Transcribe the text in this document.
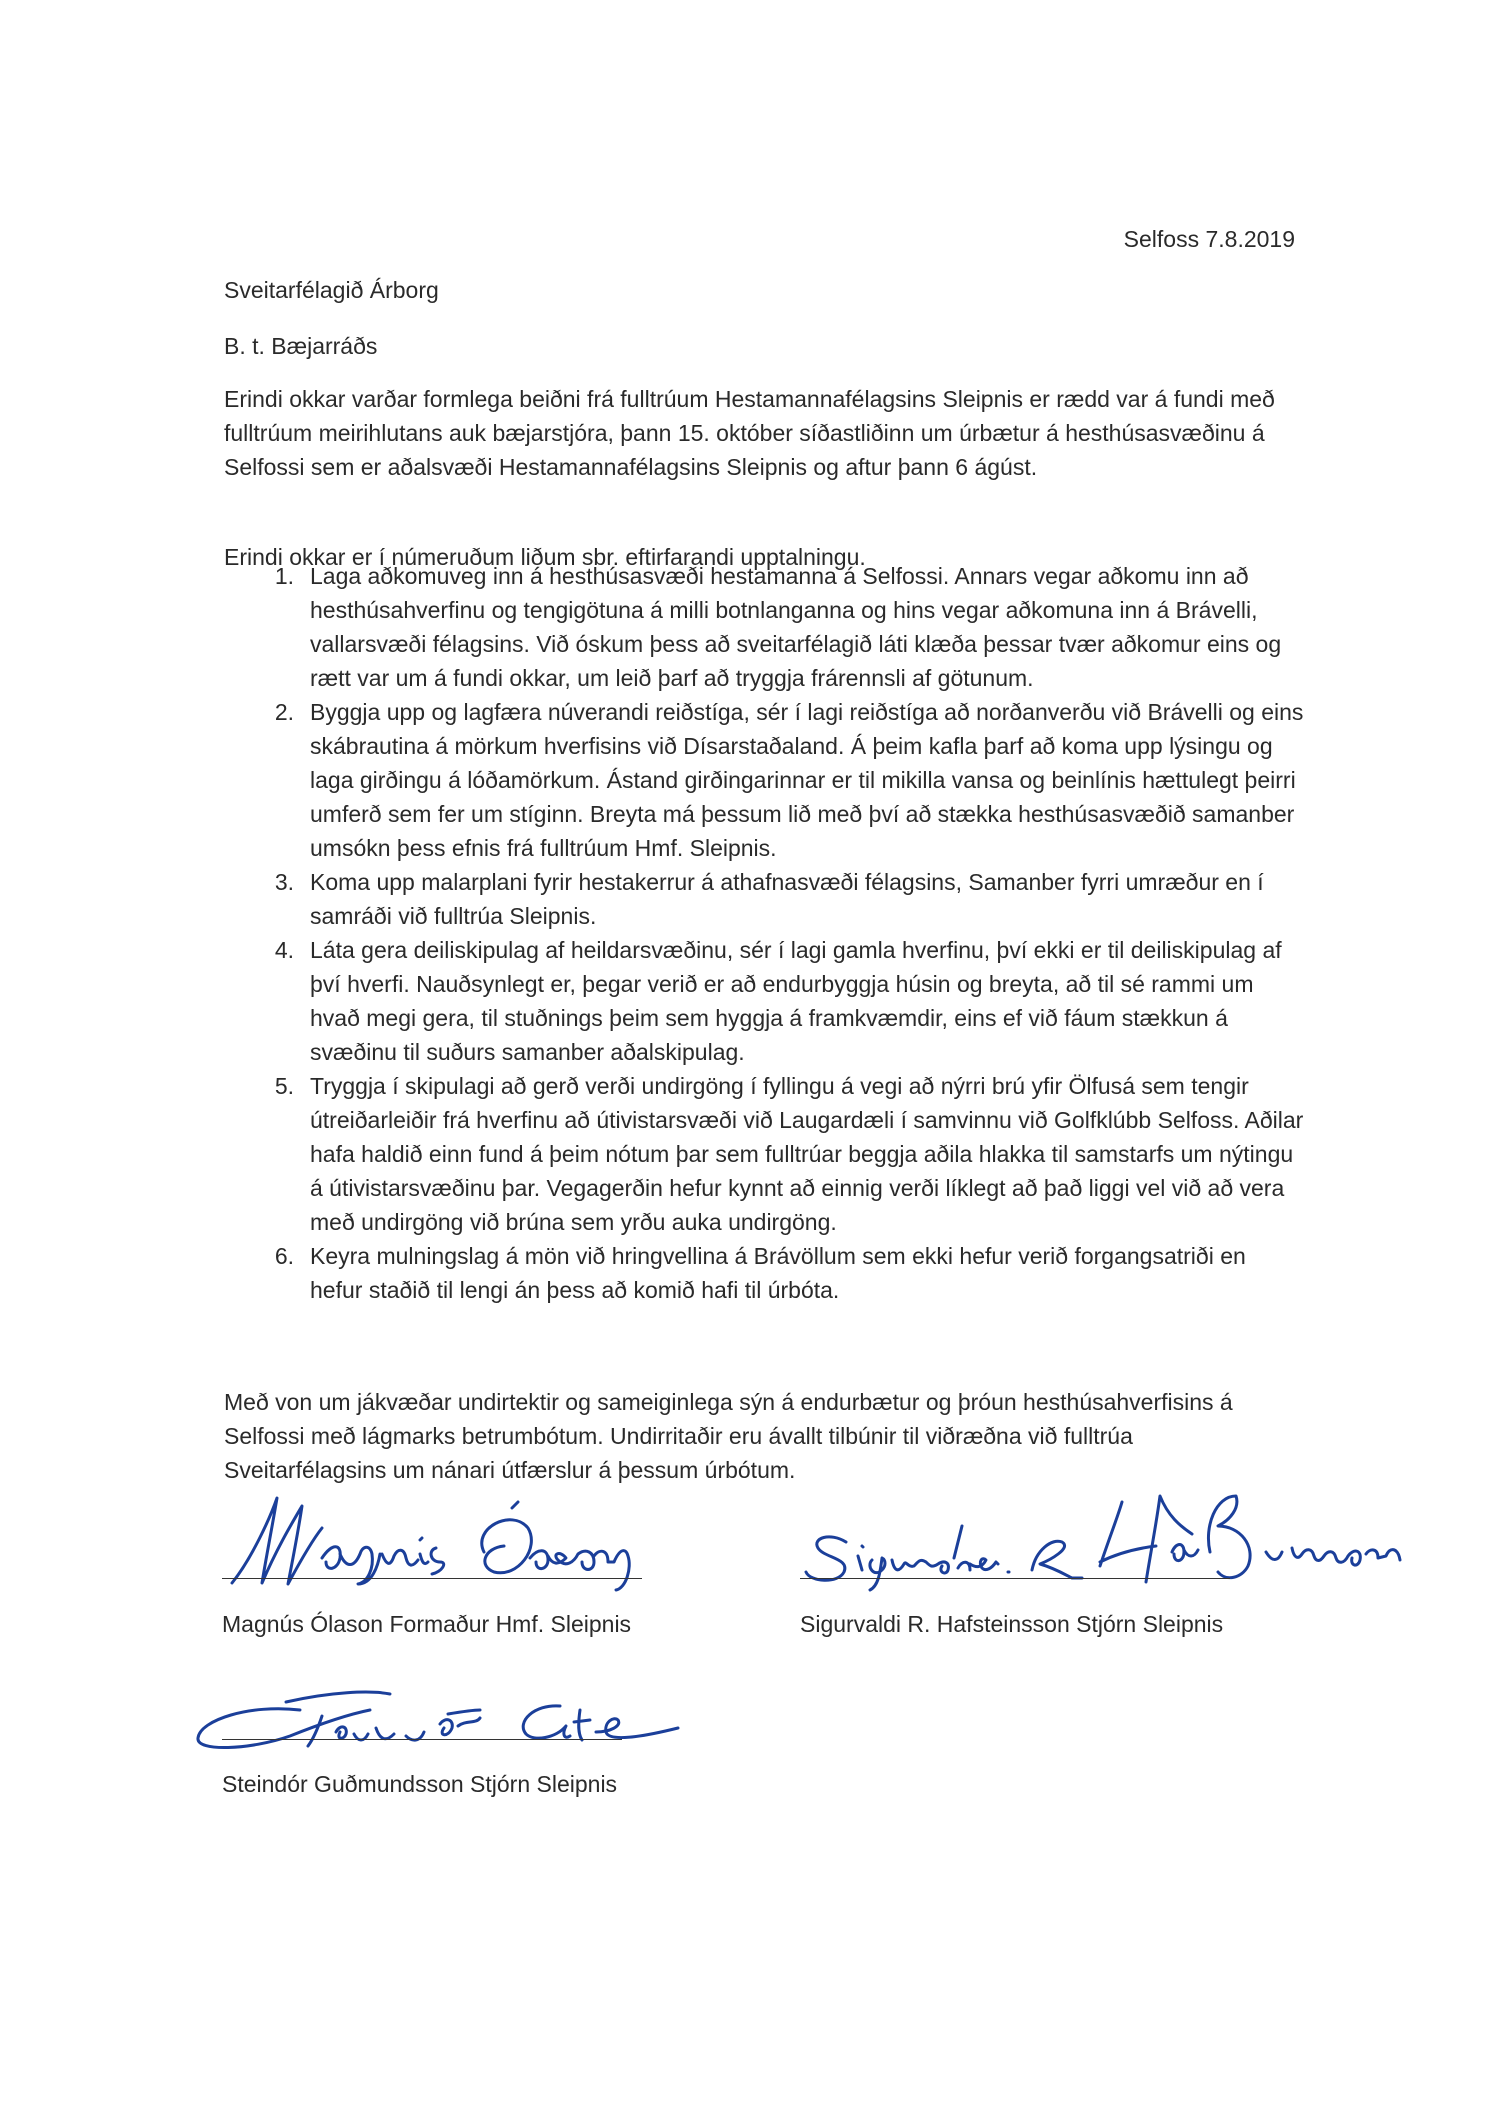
Selfoss 7.8.2019
Sveitarfélagið Árborg
B. t. Bæjarráðs
Erindi okkar varðar formlega beiðni frá fulltrúum Hestamannafélagsins Sleipnis er rædd var á fundi með fulltrúum meirihlutans auk bæjarstjóra, þann 15. október síðastliðinn um úrbætur á hesthúsasvæðinu á Selfossi sem er aðalsvæði Hestamannafélagsins Sleipnis og aftur þann 6 ágúst.
Erindi okkar er í númeruðum liðum sbr. eftirfarandi upptalningu.
1. Laga aðkomuveg inn á hesthúsasvæði hestamanna á Selfossi. Annars vegar aðkomu inn að hesthúsahverfinu og tengigötuna á milli botnlanganna og hins vegar aðkomuna inn á Brávelli, vallarsvæði félagsins. Við óskum þess að sveitarfélagið láti klæða þessar tvær aðkomur eins og rætt var um á fundi okkar, um leið þarf að tryggja frárennsli af götunum.
2. Byggja upp og lagfæra núverandi reiðstíga, sér í lagi reiðstíga að norðanverðu við Brávelli og eins skábrautina á mörkum hverfisins við Dísarstaðaland. Á þeim kafla þarf að koma upp lýsingu og laga girðingu á lóðamörkum. Ástand girðingarinnar er til mikilla vansa og beinlínis hættulegt þeirri umferð sem fer um stíginn. Breyta má þessum lið með því að stækka hesthúsasvæðið samanber umsókn þess efnis frá fulltrúum Hmf. Sleipnis.
3. Koma upp malarplani fyrir hestakerrur á athafnasvæði félagsins, Samanber fyrri umræður en í samráði við fulltrúa Sleipnis.
4. Láta gera deiliskipulag af heildarsvæðinu, sér í lagi gamla hverfinu, því ekki er til deiliskipulag af því hverfi. Nauðsynlegt er, þegar verið er að endurbyggja húsin og breyta, að til sé rammi um hvað megi gera, til stuðnings þeim sem hyggja á framkvæmdir, eins ef við fáum stækkun á svæðinu til suðurs samanber aðalskipulag.
5. Tryggja í skipulagi að gerð verði undirgöng í fyllingu á vegi að nýrri brú yfir Ölfusá sem tengir útreiðarleiðir frá hverfinu að útivistarsvæði við Laugardæli í samvinnu við Golfklúbb Selfoss. Aðilar hafa haldið einn fund á þeim nótum þar sem fulltrúar beggja aðila hlakka til samstarfs um nýtingu á útivistarsvæðinu þar. Vegagerðin hefur kynnt að einnig verði líklegt að það liggi vel við að vera með undirgöng við brúna sem yrðu auka undirgöng.
6. Keyra mulningslag á mön við hringvellina á Brávöllum sem ekki hefur verið forgangsatriði en hefur staðið til lengi án þess að komið hafi til úrbóta.
Með von um jákvæðar undirtektir og sameiginlega sýn á endurbætur og þróun hesthúsahverfisins á Selfossi með lágmarks betrumbótum. Undirritaðir eru ávallt tilbúnir til viðræðna við fulltrúa Sveitarfélagsins um nánari útfærslur á þessum úrbótum.
Magnús Ólason Formaður Hmf. Sleipnis	Sigurvaldi R. Hafsteinsson Stjórn Sleipnis
Steindór Guðmundsson Stjórn Sleipnis
